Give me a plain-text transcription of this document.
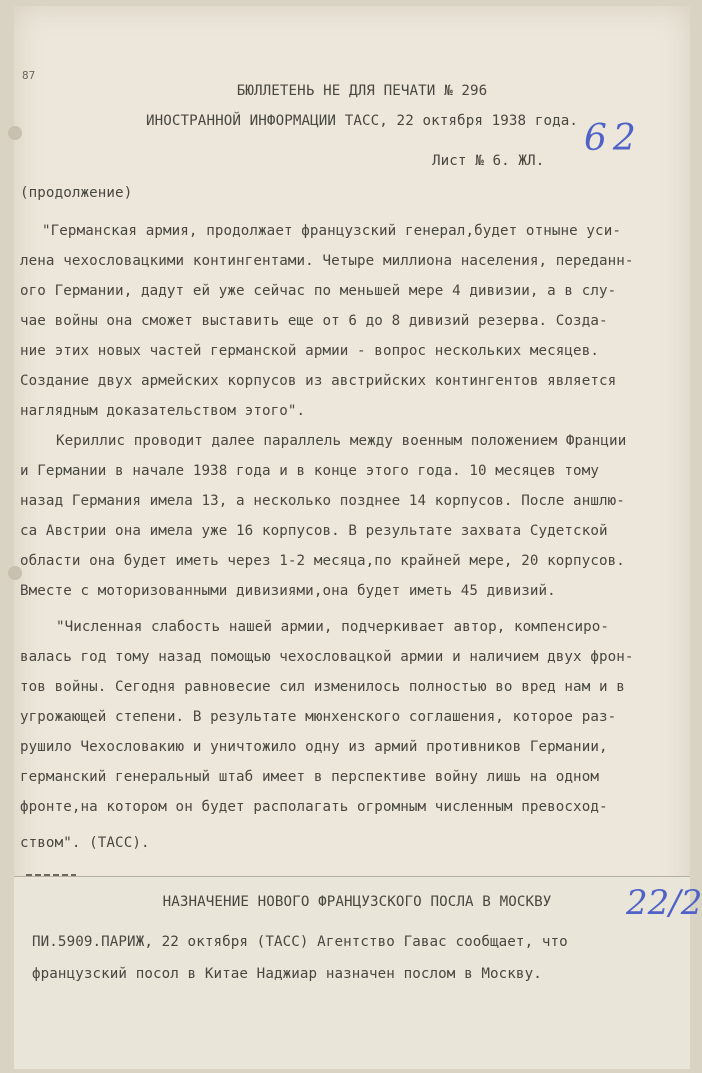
87

БЮЛЛЕТЕНЬ НЕ ДЛЯ ПЕЧАТИ № 296

ИНОСТРАННОЙ ИНФОРМАЦИИ ТАСС, 22 октября 1938 года.

Лист № 6. ЖЛ.

62

(продолжение)

"Германская армия, продолжает французский генерал,будет отныне уси-

лена чехословацкими контингентами. Четыре миллиона населения, переданн-

ого Германии, дадут ей уже сейчас по меньшей мере 4 дивизии, а в слу-

чае войны она сможет выставить еще от 6 до 8 дивизий резерва. Созда-

ние этих новых частей германской армии - вопрос нескольких месяцев.

Создание двух армейских корпусов из австрийских контингентов является

наглядным доказательством этого".

Кериллис проводит далее параллель между военным положением Франции

и Германии в начале 1938 года и в конце этого года. 10 месяцев тому

назад Германия имела 13, а несколько позднее 14 корпусов. После аншлю-

са Австрии она имела уже 16 корпусов. В результате захвата Судетской

области она будет иметь через 1-2 месяца,по крайней мере, 20 корпусов.

Вместе с моторизованными дивизиями,она будет иметь 45 дивизий.

"Численная слабость нашей армии, подчеркивает автор, компенсиро-

валась год тому назад помощью чехословацкой армии и наличием двух фрон-

тов войны. Сегодня равновесие сил изменилось полностью во вред нам и в

угрожающей степени. В результате мюнхенского соглашения, которое раз-

рушило Чехословакию и уничтожило одну из армий противников Германии,

германский генеральный штаб имеет в перспективе войну лишь на одном

фронте,на котором он будет располагать огромным численным превосход-

ством". (ТАСС).

НАЗНАЧЕНИЕ НОВОГО ФРАНЦУЗСКОГО ПОСЛА В МОСКВУ	22/2

ПИ.5909.ПАРИЖ, 22 октября (ТАСС) Агентство Гавас сообщает, что

французский посол в Китае Наджиар назначен послом в Москву.
